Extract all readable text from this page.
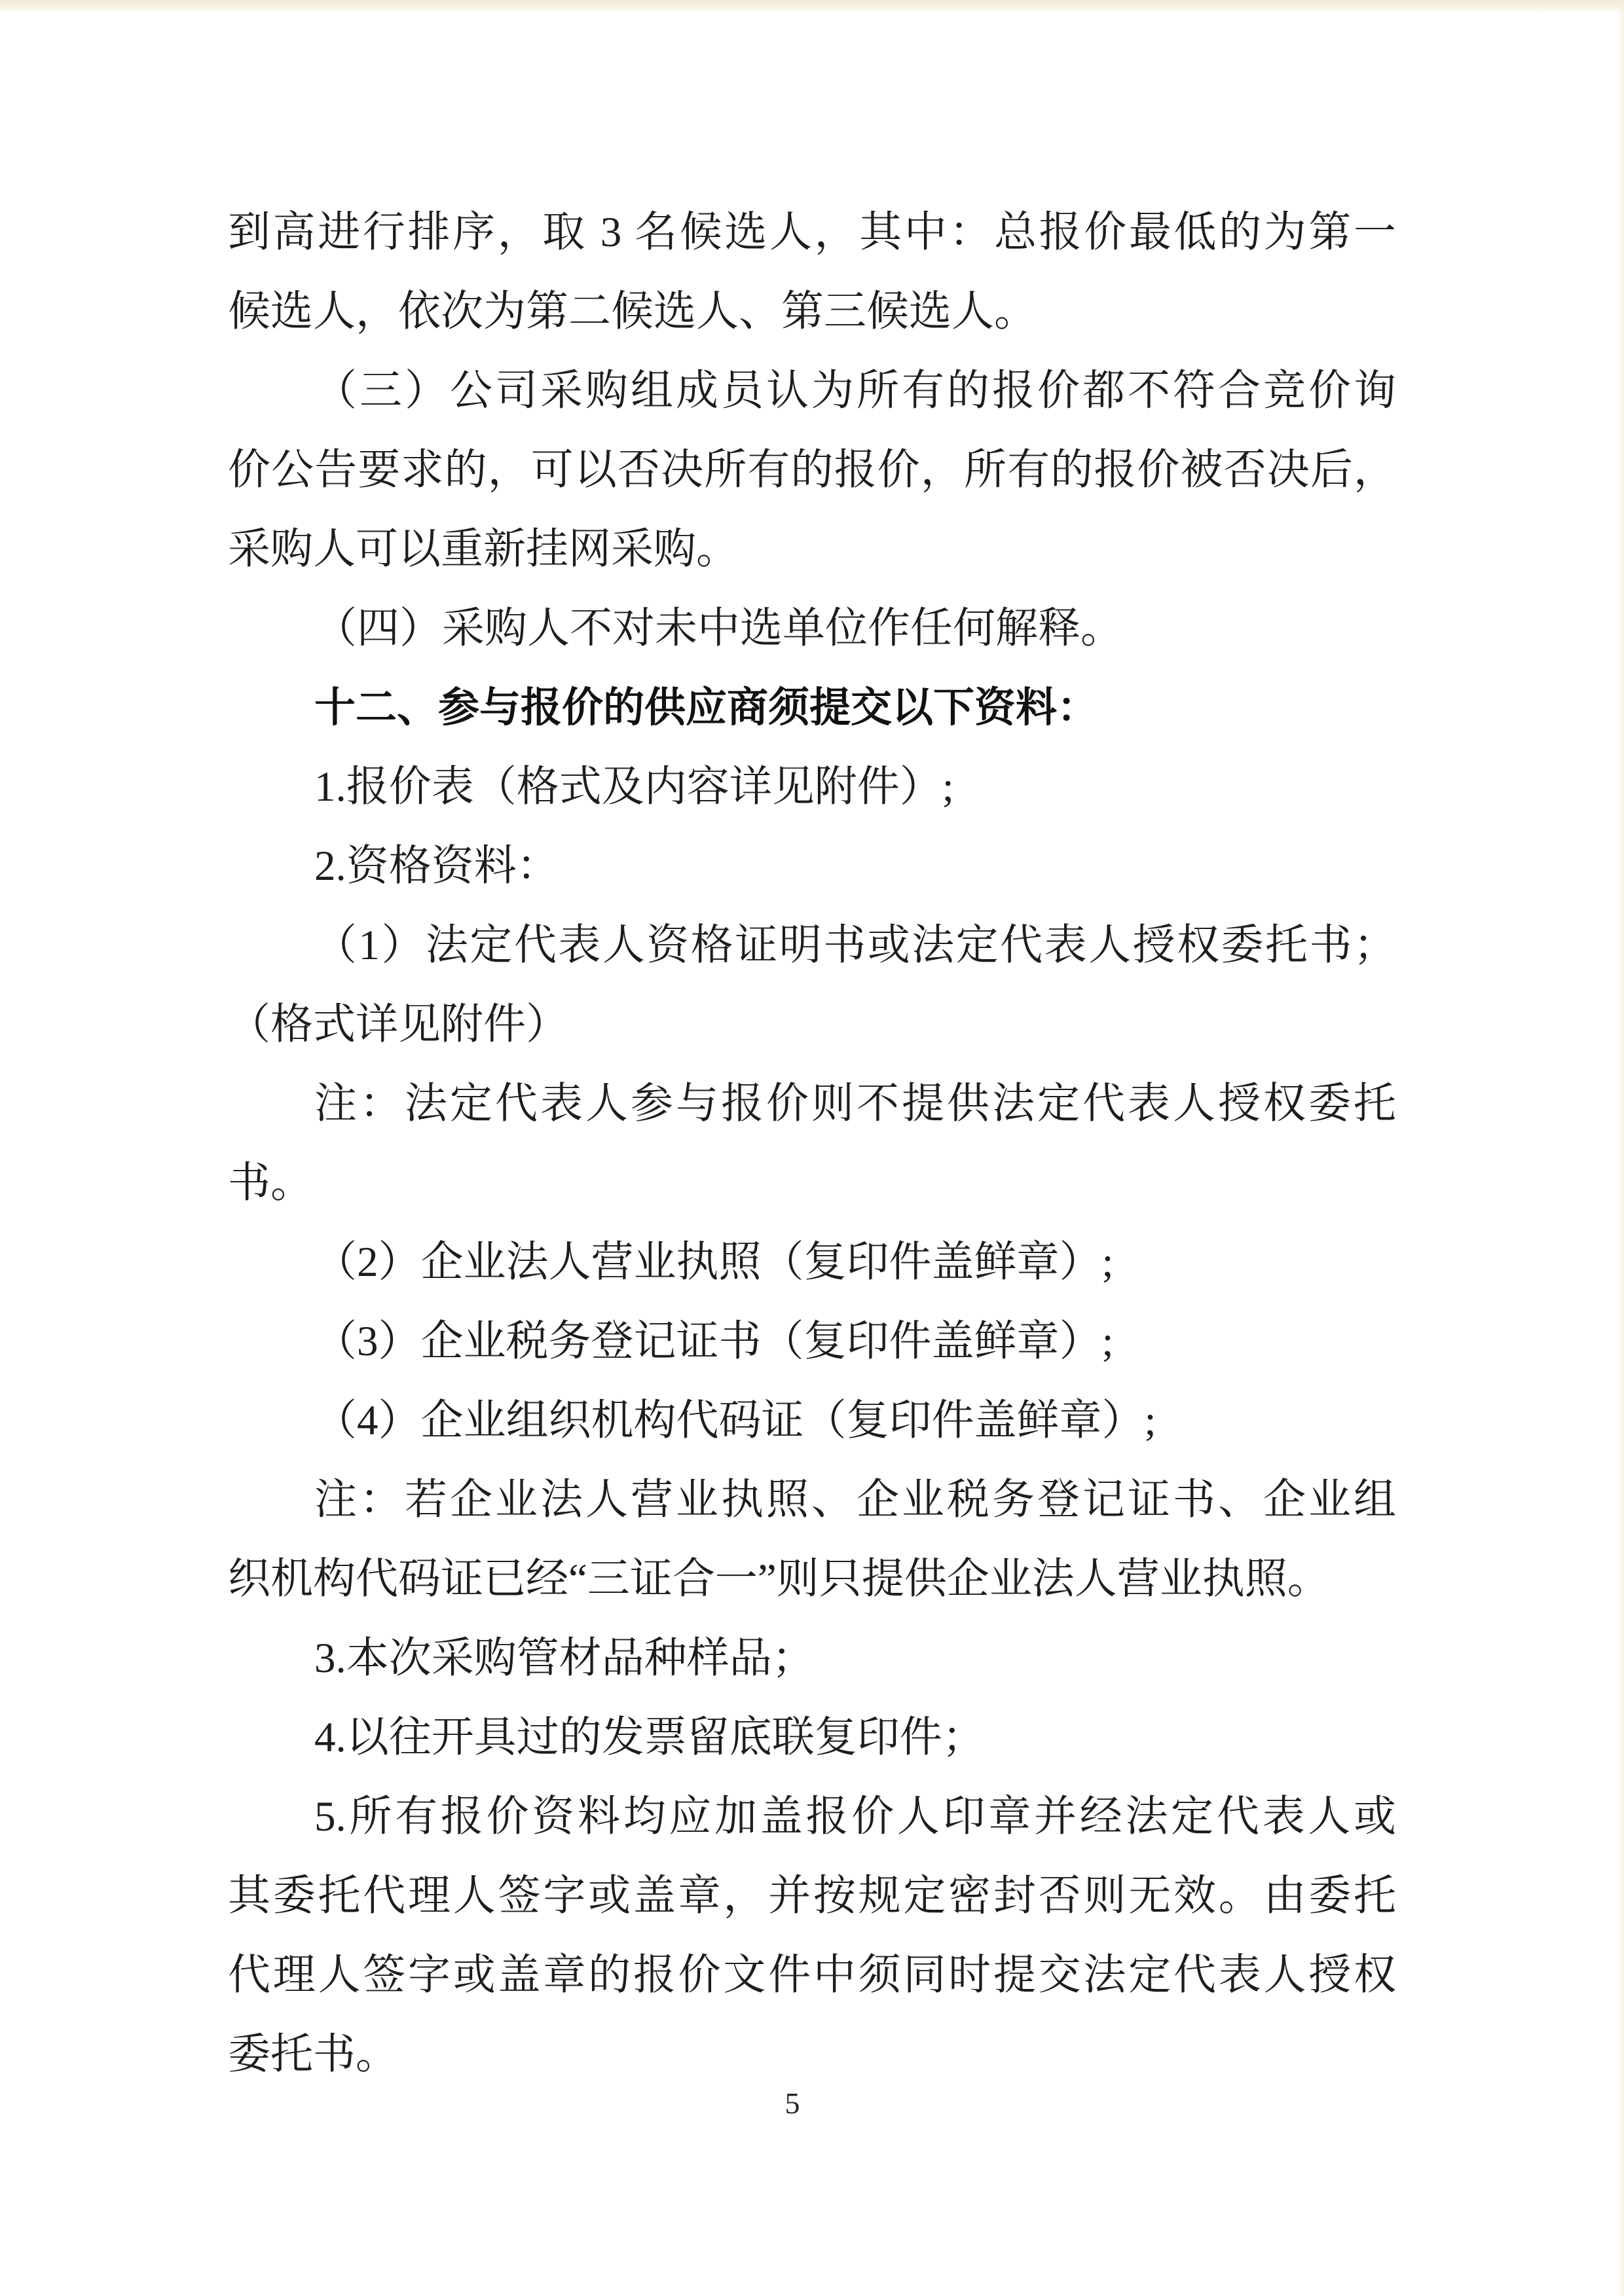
到高进行排序，取 3 名候选人，其中：总报价最低的为第一
候选人，依次为第二候选人、第三候选人。
（三）公司采购组成员认为所有的报价都不符合竞价询
价公告要求的，可以否决所有的报价，所有的报价被否决后，
采购人可以重新挂网采购。
（四）采购人不对未中选单位作任何解释。
十二、参与报价的供应商须提交以下资料：
1.报价表（格式及内容详见附件）;
2.资格资料：
（1）法定代表人资格证明书或法定代表人授权委托书；
（格式详见附件）
注：法定代表人参与报价则不提供法定代表人授权委托
书。
（2）企业法人营业执照（复印件盖鲜章）;
（3）企业税务登记证书（复印件盖鲜章）;
（4）企业组织机构代码证（复印件盖鲜章）;
注：若企业法人营业执照、企业税务登记证书、企业组
织机构代码证已经“三证合一”则只提供企业法人营业执照。
3.本次采购管材品种样品；
4.以往开具过的发票留底联复印件；
5.所有报价资料均应加盖报价人印章并经法定代表人或
其委托代理人签字或盖章，并按规定密封否则无效。由委托
代理人签字或盖章的报价文件中须同时提交法定代表人授权
委托书。
5
